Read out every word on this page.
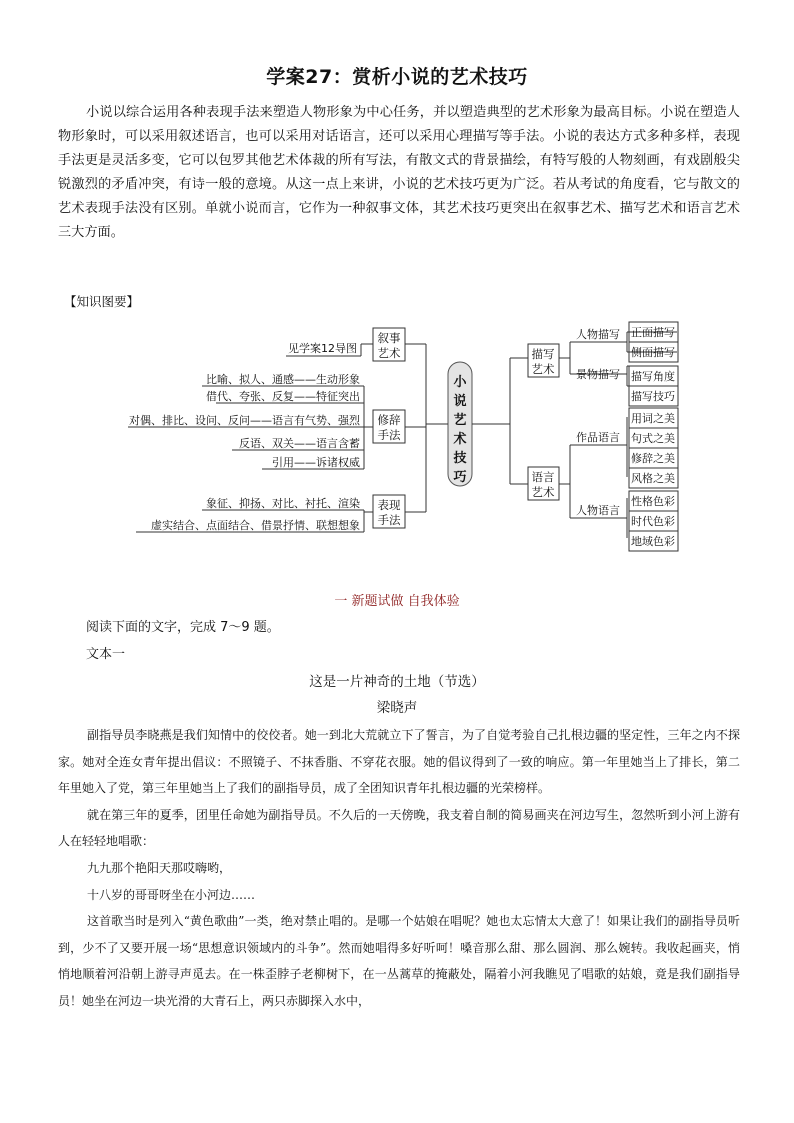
学案27：赏析小说的艺术技巧
小说以综合运用各种表现手法来塑造人物形象为中心任务，并以塑造典型的艺术形象为最高目标。小说在塑造人物形象时，可以采用叙述语言，也可以采用对话语言，还可以采用心理描写等手法。小说的表达方式多种多样，表现手法更是灵活多变，它可以包罗其他艺术体裁的所有写法，有散文式的背景描绘，有特写般的人物刻画，有戏剧般尖锐激烈的矛盾冲突，有诗一般的意境。从这一点上来讲，小说的艺术技巧更为广泛。若从考试的角度看，它与散文的艺术表现手法没有区别。单就小说而言，它作为一种叙事文体，其艺术技巧更突出在叙事艺术、描写艺术和语言艺术三大方面。
【知识图要】
小
说
艺
术
技
巧
叙事
艺术
修辞
手法
表现
手法
见学案12导图
比喻、拟人、通感——生动形象
借代、夸张、反复——特征突出
对偶、排比、设问、反问——语言有气势、强烈
反语、双关——语言含蓄
引用——诉诸权威
象征、抑扬、对比、衬托、渲染
虚实结合、点面结合、借景抒情、联想想象
描写
艺术
语言
艺术
人物描写
景物描写
作品语言
人物语言
正面描写
侧面描写
描写角度
描写技巧
用词之美
句式之美
修辞之美
风格之美
性格色彩
时代色彩
地域色彩
一 新题试做 自我体验
阅读下面的文字，完成 7～9 题。
文本一
这是一片神奇的土地（节选）
梁晓声

副指导员李晓燕是我们知情中的佼佼者。她一到北大荒就立下了誓言，为了自觉考验自己扎根边疆的坚定性，三年之内不探家。她对全连女青年提出倡议：不照镜子、不抹香脂、不穿花衣服。她的倡议得到了一致的响应。第一年里她当上了排长，第二年里她入了党，第三年里她当上了我们的副指导员，成了全团知识青年扎根边疆的光荣榜样。

就在第三年的夏季，团里任命她为副指导员。不久后的一天傍晚，我支着自制的简易画夹在河边写生，忽然听到小河上游有人在轻轻地唱歌：

九九那个艳阳天那哎嗨哟，

十八岁的哥哥呀坐在小河边……

这首歌当时是列入“黄色歌曲”一类，绝对禁止唱的。是哪一个姑娘在唱呢？她也太忘情太大意了！如果让我们的副指导员听到，少不了又要开展一场“思想意识领域内的斗争”。然而她唱得多好听呵！嗓音那么甜、那么圆润、那么婉转。我收起画夹，悄悄地顺着河沿朝上游寻声觅去。在一株歪脖子老柳树下，在一丛蒿草的掩蔽处，隔着小河我瞧见了唱歌的姑娘，竟是我们副指导员！她坐在河边一块光滑的大青石上，两只赤脚探入水中，
